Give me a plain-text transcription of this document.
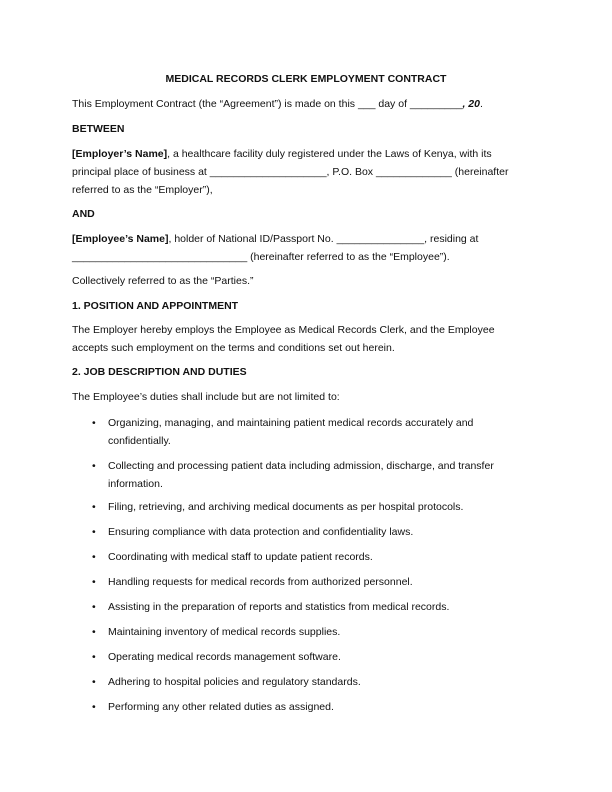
MEDICAL RECORDS CLERK EMPLOYMENT CONTRACT
This Employment Contract (the “Agreement”) is made on this ___ day of _________, 20.
BETWEEN
[Employer’s Name], a healthcare facility duly registered under the Laws of Kenya, with its
principal place of business at ____________________, P.O. Box _____________ (hereinafter
referred to as the “Employer”),
AND
[Employee’s Name], holder of National ID/Passport No. _______________, residing at
______________________________ (hereinafter referred to as the “Employee”).
Collectively referred to as the “Parties.”
1. POSITION AND APPOINTMENT
The Employer hereby employs the Employee as Medical Records Clerk, and the Employee
accepts such employment on the terms and conditions set out herein.
2. JOB DESCRIPTION AND DUTIES
The Employee’s duties shall include but are not limited to:
• Organizing, managing, and maintaining patient medical records accurately and
confidentially.
• Collecting and processing patient data including admission, discharge, and transfer
information.
• Filing, retrieving, and archiving medical documents as per hospital protocols.
• Ensuring compliance with data protection and confidentiality laws.
• Coordinating with medical staff to update patient records.
• Handling requests for medical records from authorized personnel.
• Assisting in the preparation of reports and statistics from medical records.
• Maintaining inventory of medical records supplies.
• Operating medical records management software.
• Adhering to hospital policies and regulatory standards.
• Performing any other related duties as assigned.
